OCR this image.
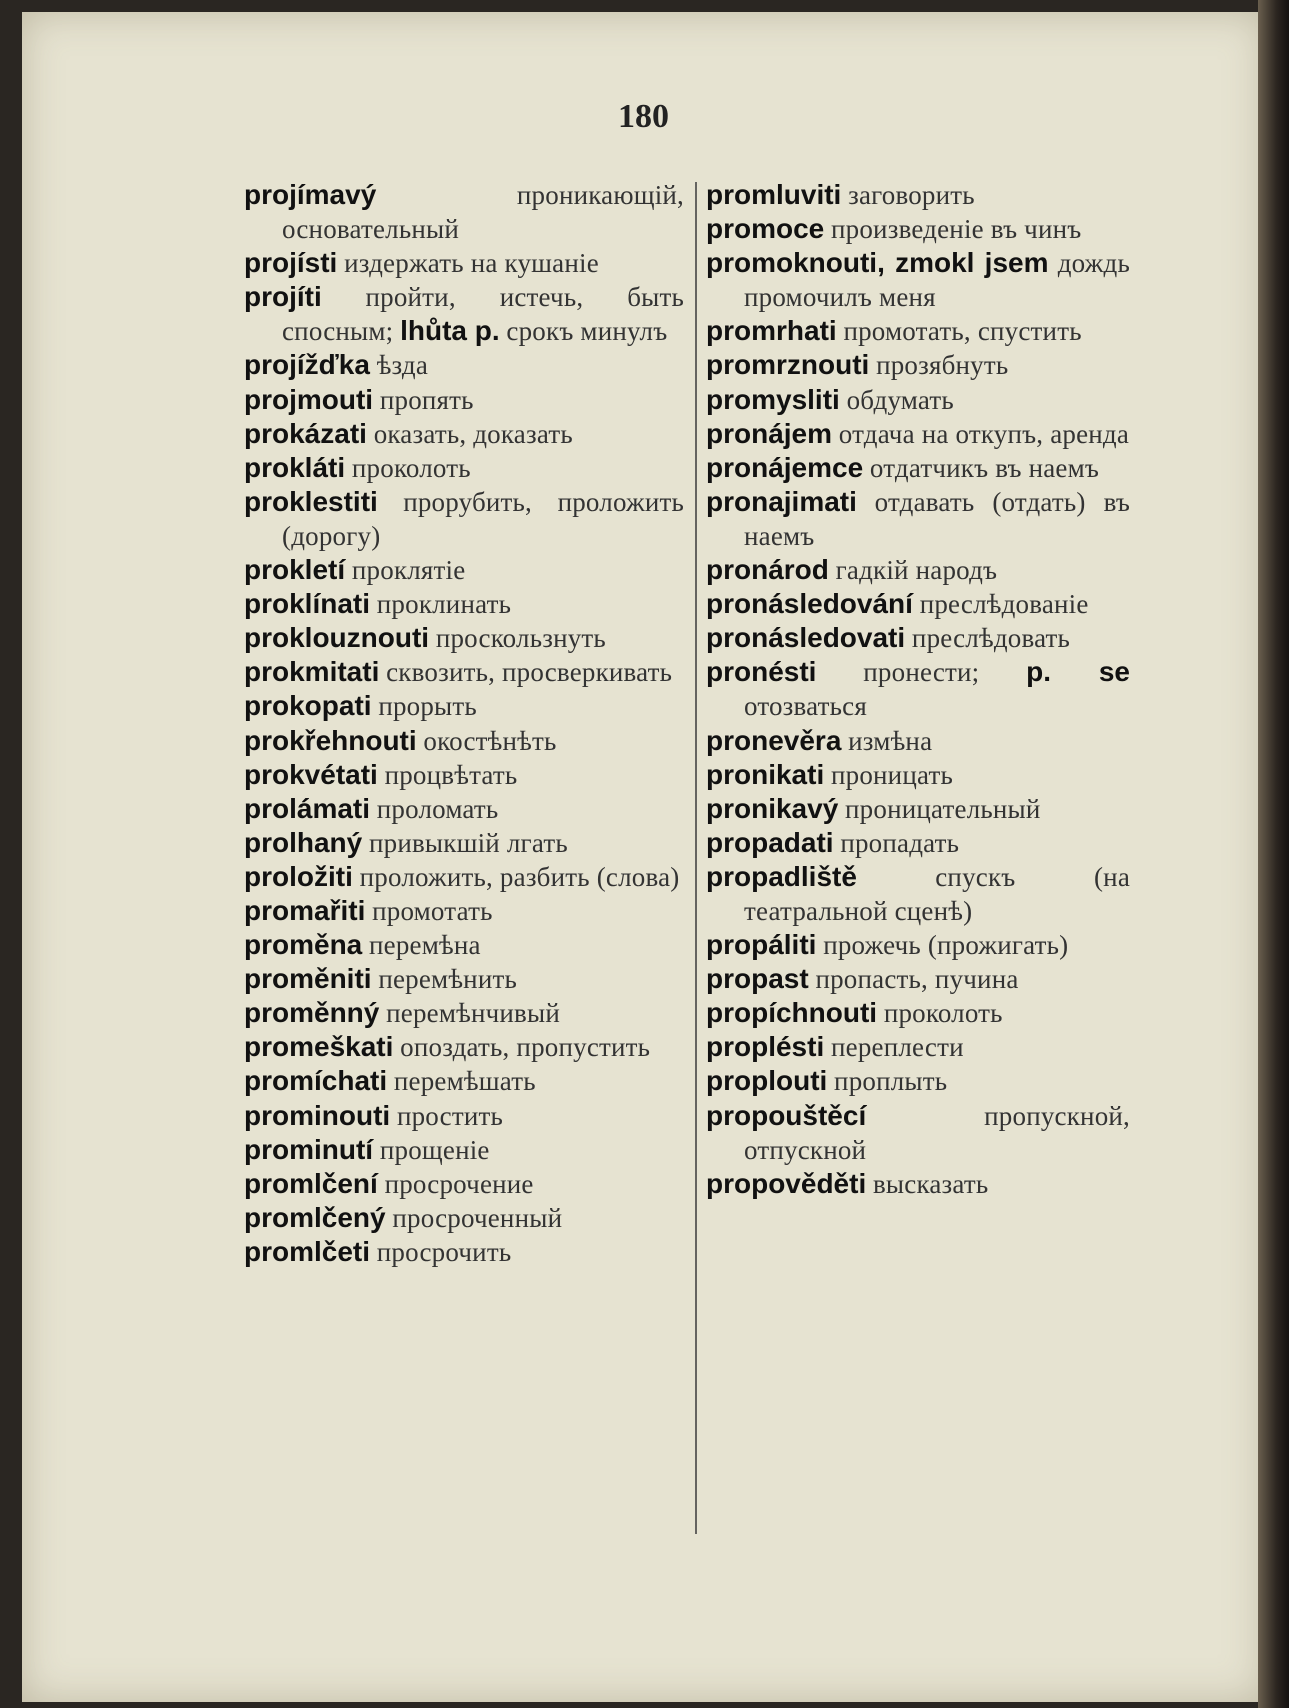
180
projímavý	проникающій, основательный
projísti издержать на кушаніе
projíti пройти, истечь, быть спосным; lhůta p. срокъ минулъ
projížďka ѣзда
projmouti пропять
prokázati оказать, доказать
prokláti проколоть
proklestiti прорубить, проложить (дорогу)
prokletí проклятіе
proklínati проклинать
proklouznouti проскользнуть
prokmitati сквозить, просверкивать
prokopati прорыть
prokřehnouti окостѣнѣть
prokvétati процвѣтать
prolámati проломать
prolhaný привыкшій лгать
proložiti проложить, разбить (слова)
promařiti промотать
proměna перемѣна
proměniti перемѣнить
proměnný перемѣнчивый
promeškati опоздать, пропустить
promíchati перемѣшать
prominouti простить
prominutí прощеніе
promlčení просрочение
promlčený просроченный
promlčeti просрочить
promluviti заговорить
promoce произведеніе въ чинъ
promoknouti, zmokl jsem дождь промочилъ меня
promrhati промотать, спустить
promrznouti прозябнуть
promysliti обдумать
pronájem отдача на откупъ, аренда
pronájemce отдатчикъ въ наемъ
pronajimati отдавать (отдать) въ наемъ
pronárod гадкій народъ
pronásledování преслѣдованіе
pronásledovati преслѣдовать
pronésti пронести; p. se отозваться
pronevěra измѣна
pronikati проницать
pronikavý проницательный
propadati пропадать
propadliště	спускъ (на театральной сценѣ)
propáliti прожечь (прожигать)
propast пропасть, пучина
propíchnouti проколоть
proplésti переплести
proplouti проплыть
propouštěcí	пропускной, отпускной
propověděti высказать
